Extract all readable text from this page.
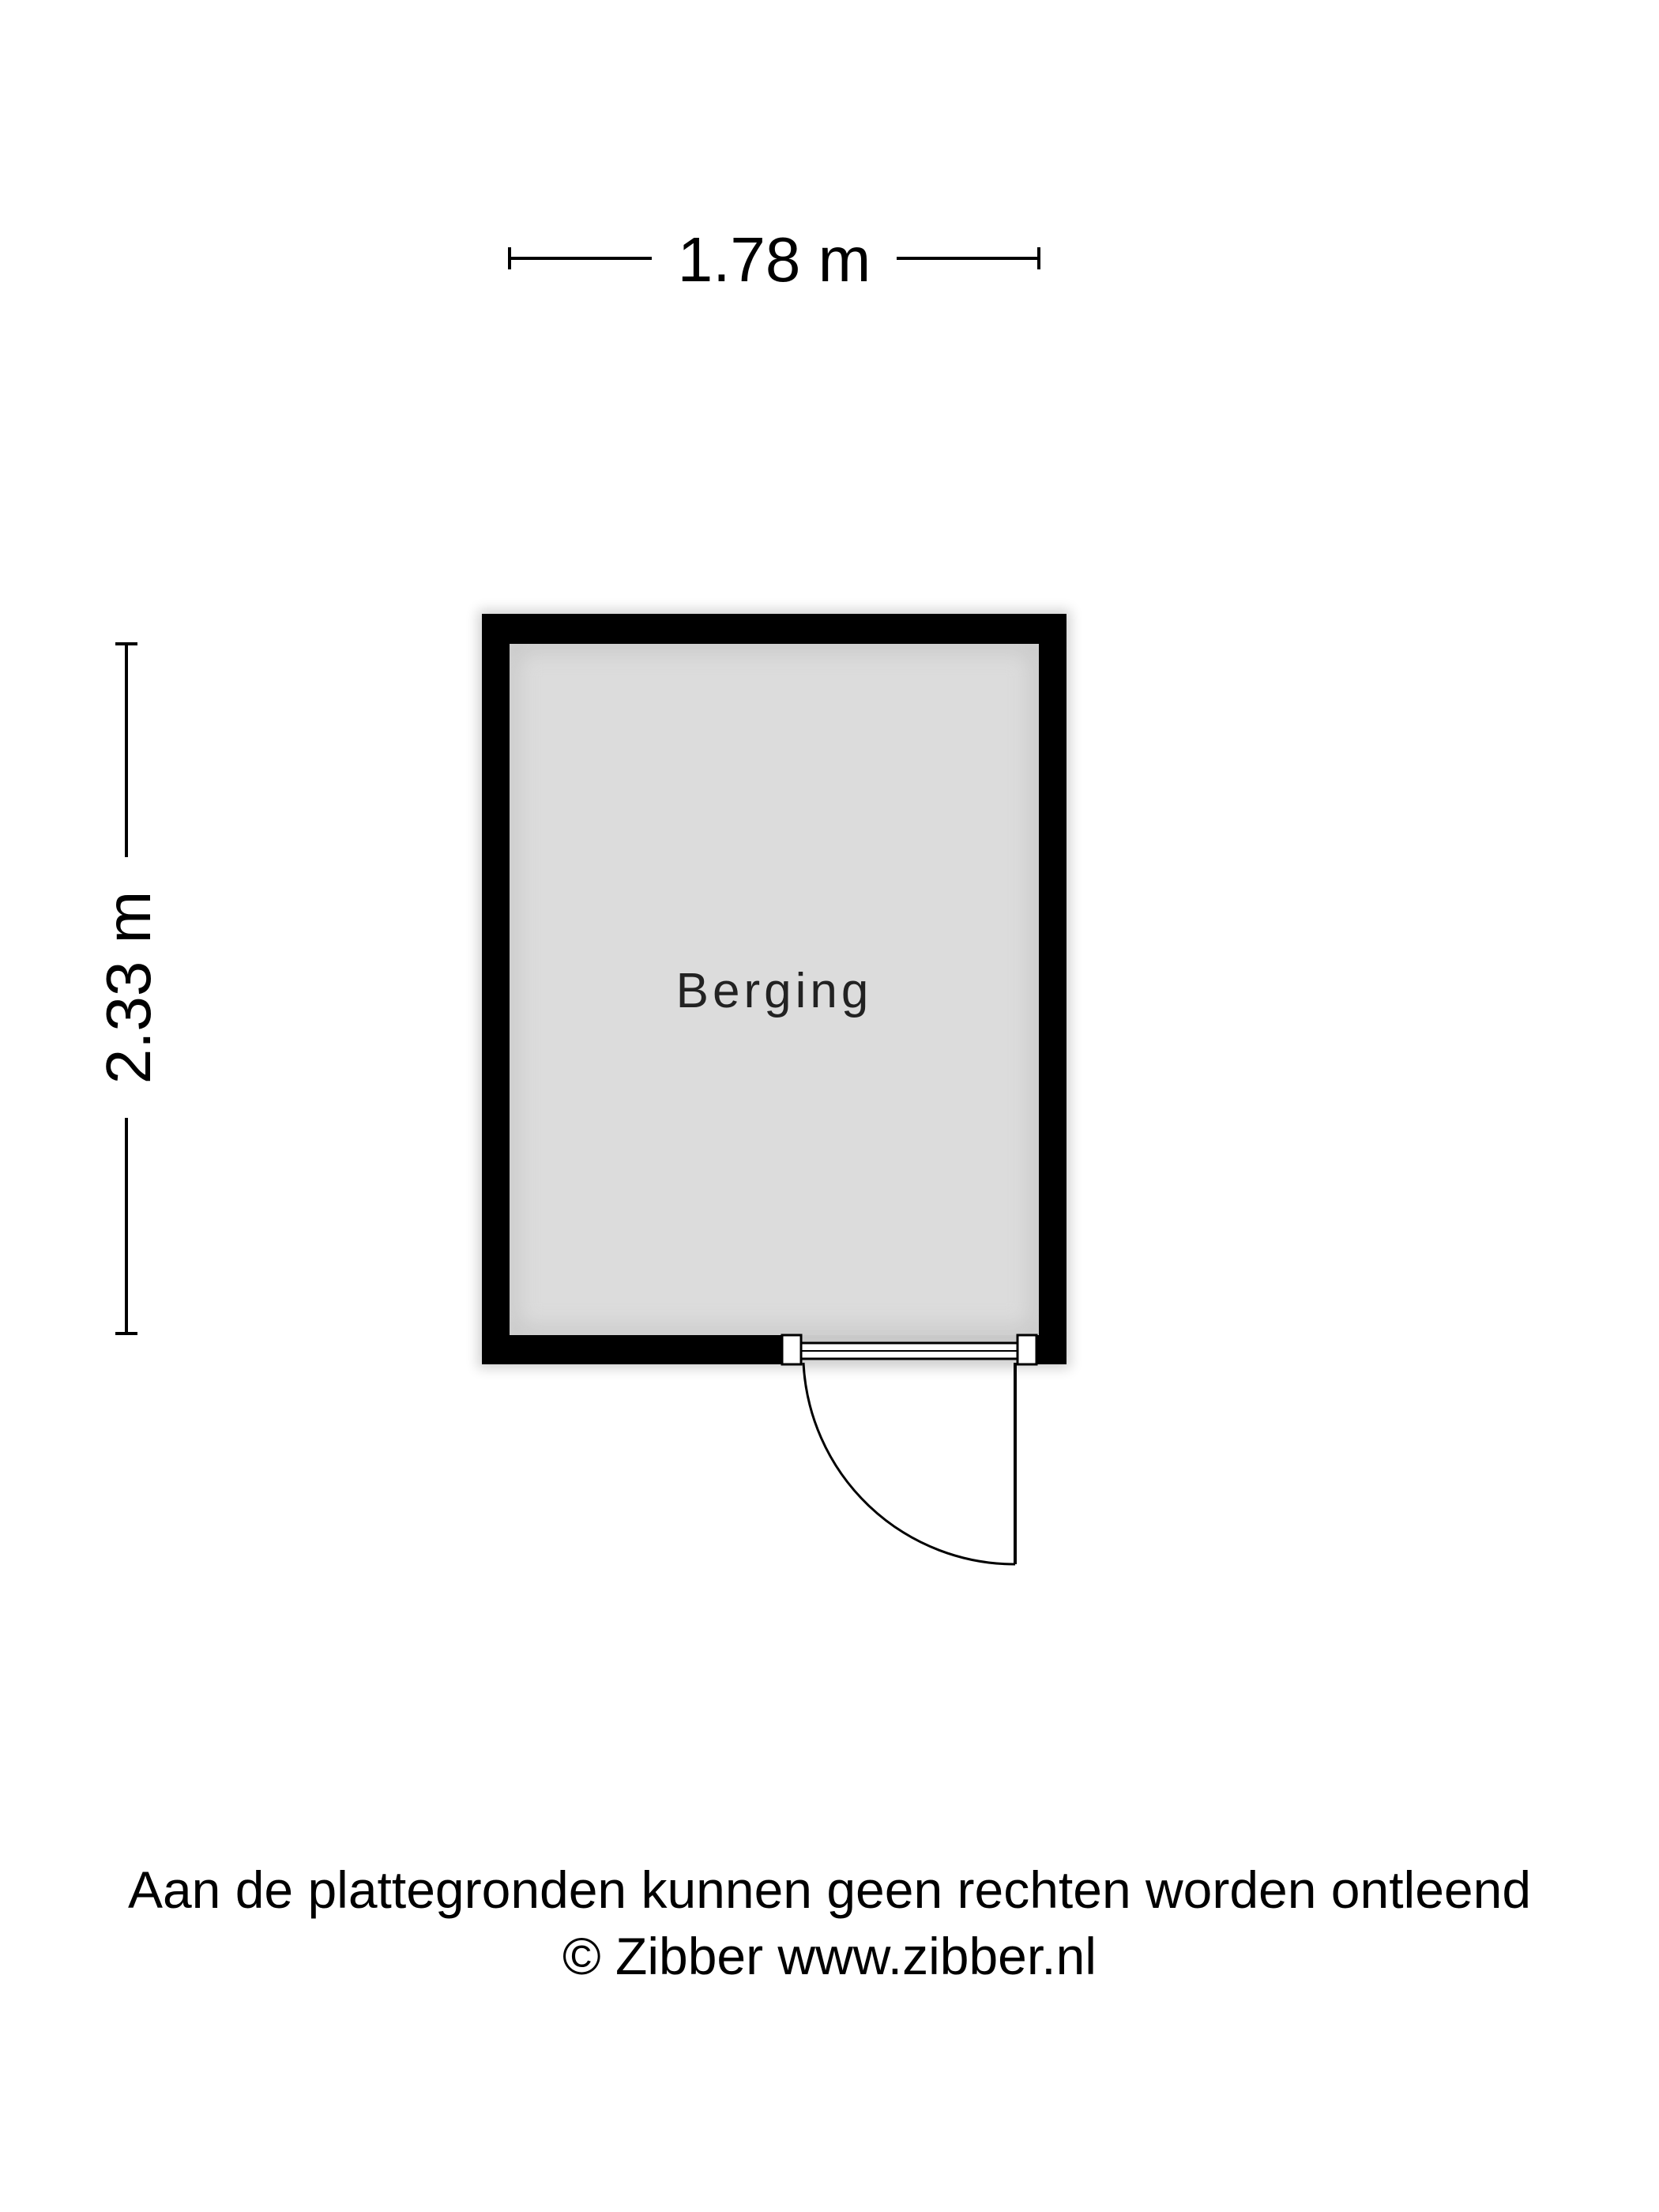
1.78 m
2.33 m	Berging
Aan de plattegronden kunnen geen rechten worden ontleend
© Zibber www.zibber.nl
